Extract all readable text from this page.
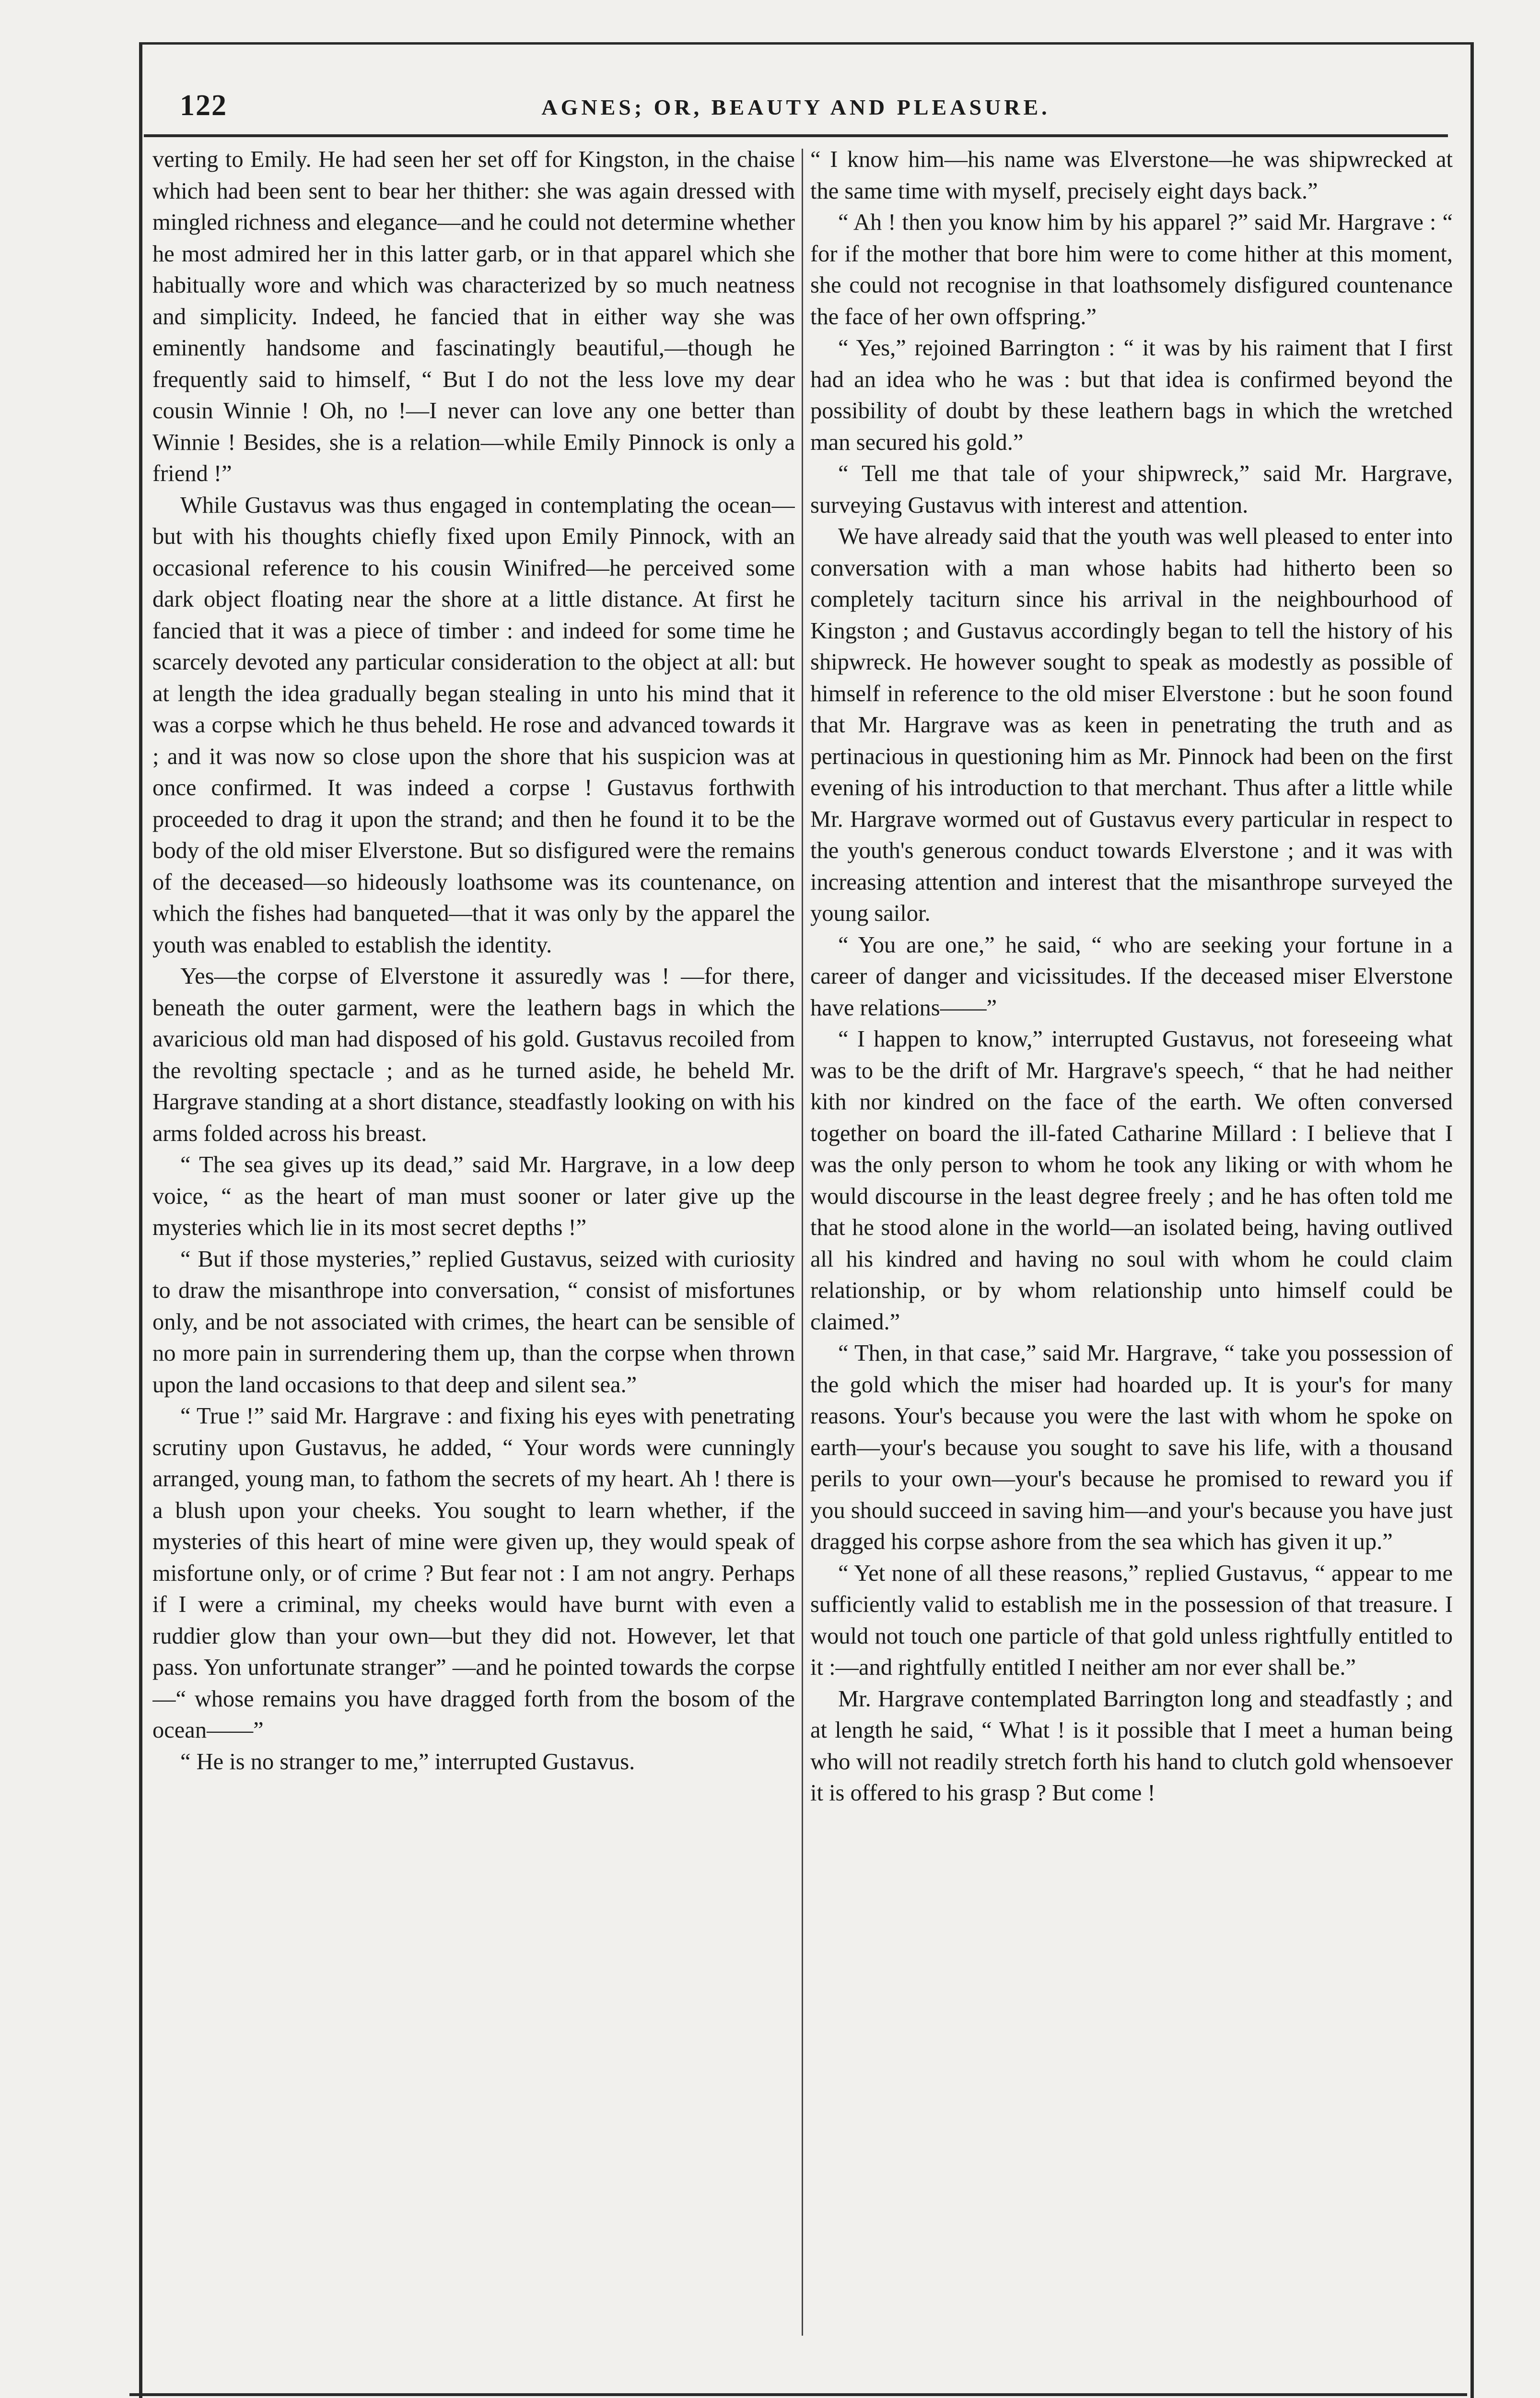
122	AGNES; OR, BEAUTY AND PLEASURE.

verting to Emily. He had seen her set off for Kingston, in the chaise which had been sent to bear her thither: she was again dressed with mingled richness and elegance—and he could not determine whether he most admired her in this latter garb, or in that apparel which she habitually wore and which was characterized by so much neatness and simplicity. Indeed, he fancied that in either way she was eminently handsome and fascinatingly beautiful,—though he frequently said to himself, “ But I do not the less love my dear cousin Winnie ! Oh, no !—I never can love any one better than Winnie ! Besides, she is a relation—while Emily Pinnock is only a friend !”

While Gustavus was thus engaged in contemplating the ocean—but with his thoughts chiefly fixed upon Emily Pinnock, with an occasional reference to his cousin Winifred—he perceived some dark object floating near the shore at a little distance. At first he fancied that it was a piece of timber : and indeed for some time he scarcely devoted any particular consideration to the object at all: but at length the idea gradually began stealing in unto his mind that it was a corpse which he thus beheld. He rose and advanced towards it ; and it was now so close upon the shore that his suspicion was at once confirmed. It was indeed a corpse ! Gustavus forthwith proceeded to drag it upon the strand; and then he found it to be the body of the old miser Elverstone. But so disfigured were the remains of the deceased—so hideously loathsome was its countenance, on which the fishes had banqueted—that it was only by the apparel the youth was enabled to establish the identity.

Yes—the corpse of Elverstone it assuredly was ! —for there, beneath the outer garment, were the leathern bags in which the avaricious old man had disposed of his gold. Gustavus recoiled from the revolting spectacle ; and as he turned aside, he beheld Mr. Hargrave standing at a short distance, steadfastly looking on with his arms folded across his breast.

“ The sea gives up its dead,” said Mr. Hargrave, in a low deep voice, “ as the heart of man must sooner or later give up the mysteries which lie in its most secret depths !”

“ But if those mysteries,” replied Gustavus, seized with curiosity to draw the misanthrope into conversation, “ consist of misfortunes only, and be not associated with crimes, the heart can be sensible of no more pain in surrendering them up, than the corpse when thrown upon the land occasions to that deep and silent sea.”

“ True !” said Mr. Hargrave : and fixing his eyes with penetrating scrutiny upon Gustavus, he added, “ Your words were cunningly arranged, young man, to fathom the secrets of my heart. Ah ! there is a blush upon your cheeks. You sought to learn whether, if the mysteries of this heart of mine were given up, they would speak of misfortune only, or of crime ? But fear not : I am not angry. Perhaps if I were a criminal, my cheeks would have burnt with even a ruddier glow than your own—but they did not. However, let that pass. Yon unfortunate stranger” —and he pointed towards the corpse—“ whose remains you have dragged forth from the bosom of the ocean——”

“ He is no stranger to me,” interrupted Gustavus.

“ I know him—his name was Elverstone—he was shipwrecked at the same time with myself, precisely eight days back.”

“ Ah ! then you know him by his apparel ?” said Mr. Hargrave : “ for if the mother that bore him were to come hither at this moment, she could not recognise in that loathsomely disfigured countenance the face of her own offspring.”

“ Yes,” rejoined Barrington : “ it was by his raiment that I first had an idea who he was : but that idea is confirmed beyond the possibility of doubt by these leathern bags in which the wretched man secured his gold.”

“ Tell me that tale of your shipwreck,” said Mr. Hargrave, surveying Gustavus with interest and attention.

We have already said that the youth was well pleased to enter into conversation with a man whose habits had hitherto been so completely taciturn since his arrival in the neighbourhood of Kingston ; and Gustavus accordingly began to tell the history of his shipwreck. He however sought to speak as modestly as possible of himself in reference to the old miser Elverstone : but he soon found that Mr. Hargrave was as keen in penetrating the truth and as pertinacious in questioning him as Mr. Pinnock had been on the first evening of his introduction to that merchant. Thus after a little while Mr. Hargrave wormed out of Gustavus every particular in respect to the youth's generous conduct towards Elverstone ; and it was with increasing attention and interest that the misanthrope surveyed the young sailor.

“ You are one,” he said, “ who are seeking your fortune in a career of danger and vicissitudes. If the deceased miser Elverstone have relations——”

“ I happen to know,” interrupted Gustavus, not foreseeing what was to be the drift of Mr. Hargrave's speech, “ that he had neither kith nor kindred on the face of the earth. We often conversed together on board the ill-fated Catharine Millard : I believe that I was the only person to whom he took any liking or with whom he would discourse in the least degree freely ; and he has often told me that he stood alone in the world—an isolated being, having outlived all his kindred and having no soul with whom he could claim relationship, or by whom relationship unto himself could be claimed.”

“ Then, in that case,” said Mr. Hargrave, “ take you possession of the gold which the miser had hoarded up. It is your's for many reasons. Your's because you were the last with whom he spoke on earth—your's because you sought to save his life, with a thousand perils to your own—your's because he promised to reward you if you should succeed in saving him—and your's because you have just dragged his corpse ashore from the sea which has given it up.”

“ Yet none of all these reasons,” replied Gustavus, “ appear to me sufficiently valid to establish me in the possession of that treasure. I would not touch one particle of that gold unless rightfully entitled to it :—and rightfully entitled I neither am nor ever shall be.”

Mr. Hargrave contemplated Barrington long and steadfastly ; and at length he said, “ What ! is it possible that I meet a human being who will not readily stretch forth his hand to clutch gold whensoever it is offered to his grasp ? But come !
